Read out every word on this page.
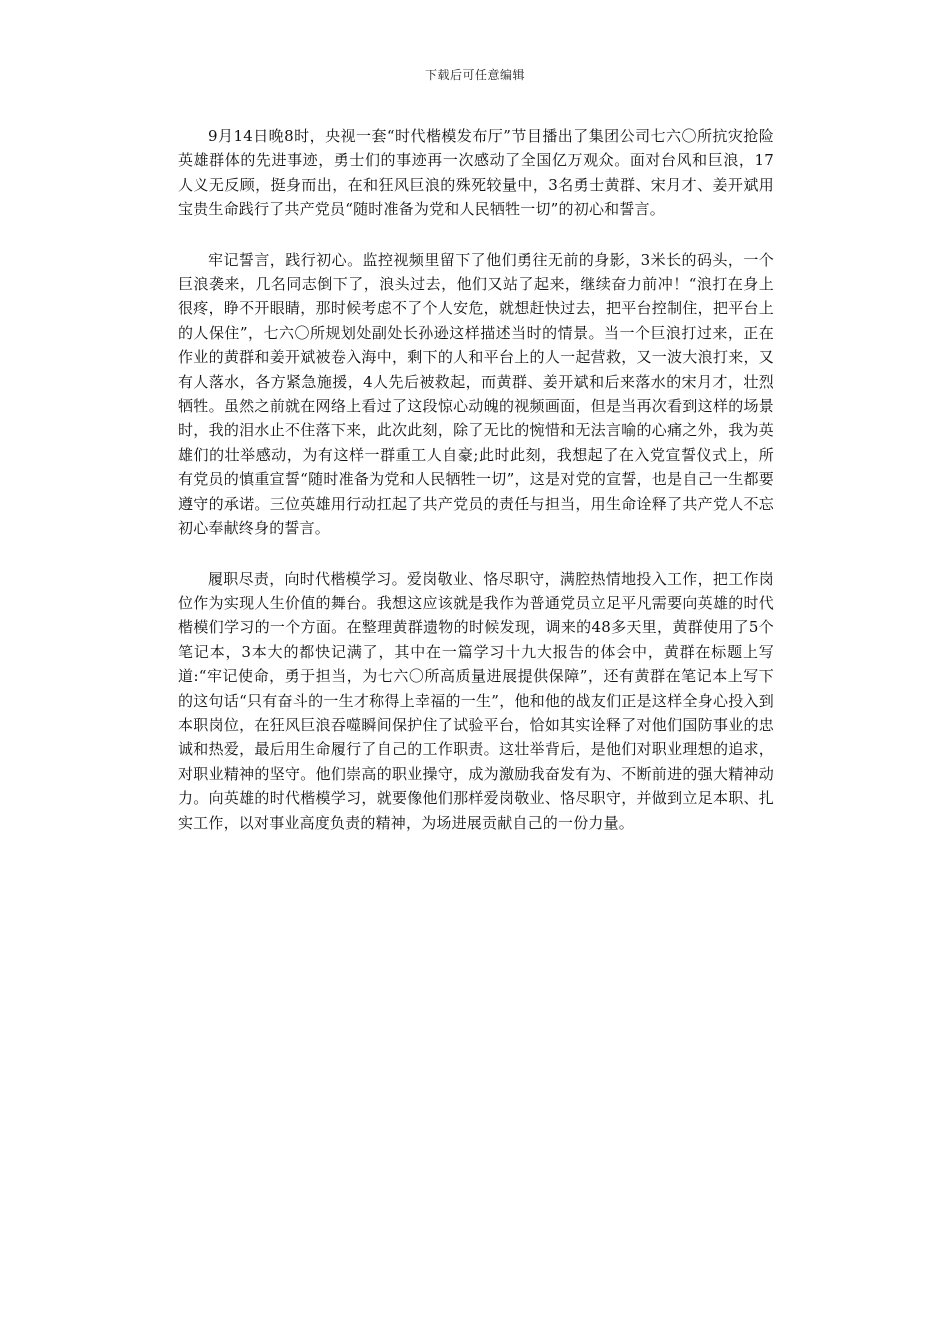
下载后可任意编辑

9月14日晚8时，央视一套“时代楷模发布厅”节目播出了集团公司七六〇所抗灾抢险英雄群体的先进事迹，勇士们的事迹再一次感动了全国亿万观众。面对台风和巨浪，17人义无反顾，挺身而出，在和狂风巨浪的殊死较量中，3名勇士黄群、宋月才、姜开斌用宝贵生命践行了共产党员“随时准备为党和人民牺牲一切”的初心和誓言。

牢记誓言，践行初心。监控视频里留下了他们勇往无前的身影，3米长的码头，一个巨浪袭来，几名同志倒下了，浪头过去，他们又站了起来，继续奋力前冲！“浪打在身上很疼，睁不开眼睛，那时候考虑不了个人安危，就想赶快过去，把平台控制住，把平台上的人保住”，七六〇所规划处副处长孙逊这样描述当时的情景。当一个巨浪打过来，正在作业的黄群和姜开斌被卷入海中，剩下的人和平台上的人一起营救，又一波大浪打来，又有人落水，各方紧急施援，4人先后被救起，而黄群、姜开斌和后来落水的宋月才，壮烈牺牲。虽然之前就在网络上看过了这段惊心动魄的视频画面，但是当再次看到这样的场景时，我的泪水止不住落下来，此次此刻，除了无比的惋惜和无法言喻的心痛之外，我为英雄们的壮举感动，为有这样一群重工人自豪;此时此刻，我想起了在入党宣誓仪式上，所有党员的慎重宣誓“随时准备为党和人民牺牲一切”，这是对党的宣誓，也是自己一生都要遵守的承诺。三位英雄用行动扛起了共产党员的责任与担当，用生命诠释了共产党人不忘初心奉献终身的誓言。

履职尽责，向时代楷模学习。爱岗敬业、恪尽职守，满腔热情地投入工作，把工作岗位作为实现人生价值的舞台。我想这应该就是我作为普通党员立足平凡需要向英雄的时代楷模们学习的一个方面。在整理黄群遗物的时候发现，调来的48多天里，黄群使用了5个笔记本，3本大的都快记满了，其中在一篇学习十九大报告的体会中，黄群在标题上写道:“牢记使命，勇于担当，为七六〇所高质量进展提供保障”，还有黄群在笔记本上写下的这句话“只有奋斗的一生才称得上幸福的一生”，他和他的战友们正是这样全身心投入到本职岗位，在狂风巨浪吞噬瞬间保护住了试验平台，恰如其实诠释了对他们国防事业的忠诚和热爱，最后用生命履行了自己的工作职责。这壮举背后，是他们对职业理想的追求，对职业精神的坚守。他们崇高的职业操守，成为激励我奋发有为、不断前进的强大精神动力。向英雄的时代楷模学习，就要像他们那样爱岗敬业、恪尽职守，并做到立足本职、扎实工作，以对事业高度负责的精神，为场进展贡献自己的一份力量。
